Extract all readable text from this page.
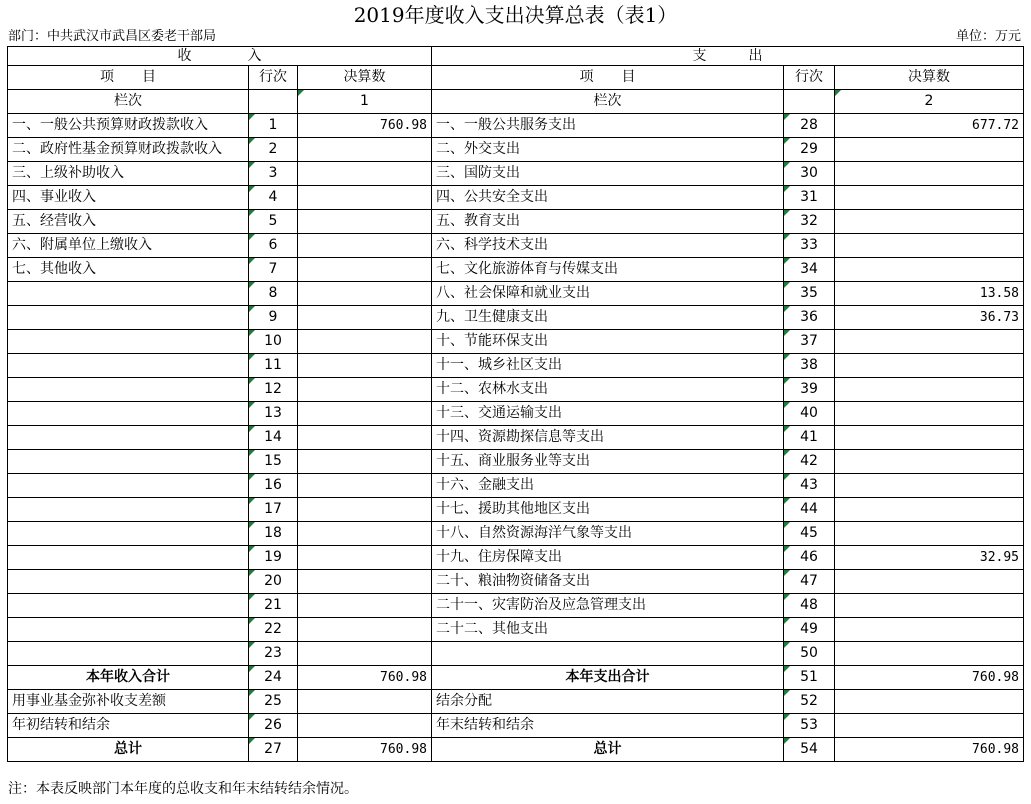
2019年度收入支出决算总表（表1）
部门：中共武汉市武昌区委老干部局	单位：万元
收　　　　入			支　　　出		
项　　目	行次	决算数	项　　目	行次	决算数
栏次		1	栏次		2
一、一般公共预算财政拨款收入	1	760.98	一、一般公共服务支出	28	677.72
二、政府性基金预算财政拨款收入	2		二、外交支出	29	
三、上级补助收入	3		三、国防支出	30	
四、事业收入	4		四、公共安全支出	31	
五、经营收入	5		五、教育支出	32	
六、附属单位上缴收入	6		六、科学技术支出	33	
七、其他收入	7		七、文化旅游体育与传媒支出	34	
	8		八、社会保障和就业支出	35	13.58
	9		九、卫生健康支出	36	36.73
	10		十、节能环保支出	37	
	11		十一、城乡社区支出	38	
	12		十二、农林水支出	39	
	13		十三、交通运输支出	40	
	14		十四、资源勘探信息等支出	41	
	15		十五、商业服务业等支出	42	
	16		十六、金融支出	43	
	17		十七、援助其他地区支出	44	
	18		十八、自然资源海洋气象等支出	45	
	19		十九、住房保障支出	46	32.95
	20		二十、粮油物资储备支出	47	
	21		二十一、灾害防治及应急管理支出	48	
	22		二十二、其他支出	49	
	23			50	
本年收入合计	24	760.98	本年支出合计	51	760.98
用事业基金弥补收支差额	25		结余分配	52	
年初结转和结余	26		年末结转和结余	53	
总计	27	760.98	总计	54	760.98
注：本表反映部门本年度的总收支和年末结转结余情况。
